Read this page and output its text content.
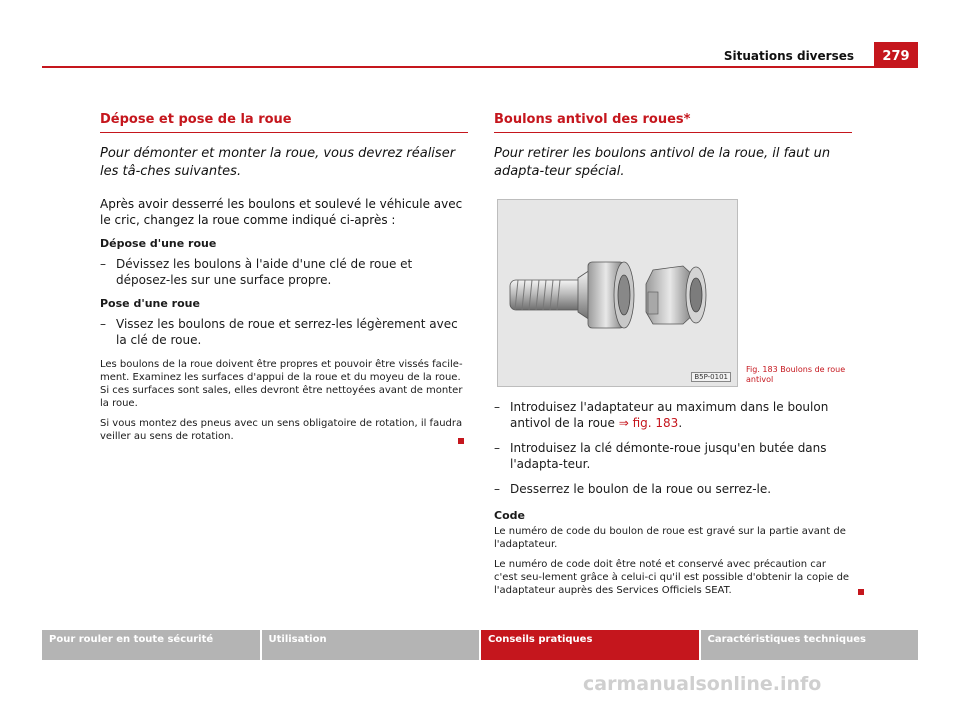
Situations diverses	279
Dépose et pose de la roue

Pour démonter et monter la roue, vous devrez réaliser les tâ-ches suivantes.

Après avoir desserré les boulons et soulevé le véhicule avec le cric, changez la roue comme indiqué ci-après :

Dépose d'une roue

– Dévissez les boulons à l'aide d'une clé de roue et déposez-les sur une surface propre.

Pose d'une roue

– Vissez les boulons de roue et serrez-les légèrement avec la clé de roue.

Les boulons de la roue doivent être propres et pouvoir être vissés facile-ment. Examinez les surfaces d'appui de la roue et du moyeu de la roue. Si ces surfaces sont sales, elles devront être nettoyées avant de monter la roue.

Si vous montez des pneus avec un sens obligatoire de rotation, il faudra veiller au sens de rotation.

Boulons antivol des roues*

Pour retirer les boulons antivol de la roue, il faut un adapta-teur spécial.

B5P-0101

Fig. 183 Boulons de roue antivol

– Introduisez l'adaptateur au maximum dans le boulon antivol de la roue ⇒ fig. 183.
– Introduisez la clé démonte-roue jusqu'en butée dans l'adapta-teur.
– Desserrez le boulon de la roue ou serrez-le.

Code

Le numéro de code du boulon de roue est gravé sur la partie avant de l'adaptateur.

Le numéro de code doit être noté et conservé avec précaution car c'est seu-lement grâce à celui-ci qu'il est possible d'obtenir la copie de l'adaptateur auprès des Services Officiels SEAT.

Pour rouler en toute sécurité	Utilisation	Conseils pratiques	Caractéristiques techniques
carmanualsonline.info
